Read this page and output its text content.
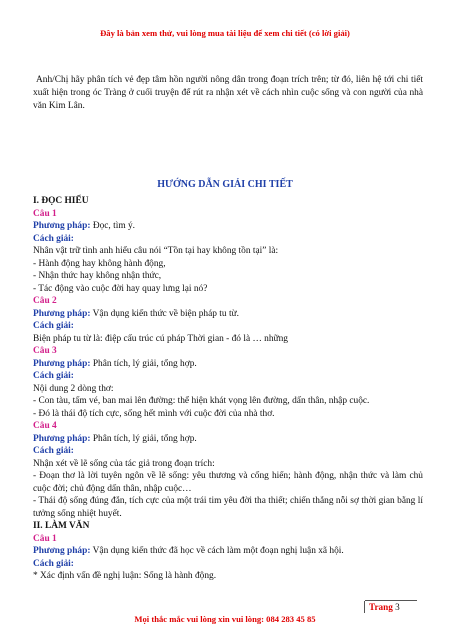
Đây là bản xem thử, vui lòng mua tài liệu để xem chi tiết (có lời giải)

Anh/Chị hãy phân tích vẻ đẹp tâm hồn người nông dân trong đoạn trích trên; từ đó, liên hệ tới chi tiết xuất hiện trong óc Tràng ở cuối truyện để rút ra nhận xét về cách nhìn cuộc sống và con người của nhà văn Kim Lân.

HƯỚNG DẪN GIẢI CHI TIẾT
I. ĐỌC HIỂU
Câu 1
Phương pháp: Đọc, tìm ý.
Cách giải:
Nhân vật trữ tình anh hiểu câu nói “Tồn tại hay không tồn tại” là:
- Hành động hay không hành động,
- Nhận thức hay không nhận thức,
- Tác động vào cuộc đời hay quay lưng lại nó?
Câu 2
Phương pháp: Vận dụng kiến thức về biện pháp tu từ.
Cách giải:
Biện pháp tu từ là: điệp cấu trúc cú pháp Thời gian - đó là … những
Câu 3
Phương pháp: Phân tích, lý giải, tổng hợp.
Cách giải:
Nội dung 2 dòng thơ:
- Con tàu, tấm vé, ban mai lên đường: thể hiện khát vọng lên đường, dấn thân, nhập cuộc.
- Đó là thái độ tích cực, sống hết mình với cuộc đời của nhà thơ.
Câu 4
Phương pháp: Phân tích, lý giải, tổng hợp.
Cách giải:
Nhận xét về lẽ sống của tác giả trong đoạn trích:
- Đoạn thơ là lời tuyên ngôn về lẽ sống: yêu thương và cống hiến; hành động, nhận thức và làm chủ cuộc đời; chủ động dấn thân, nhập cuộc…
- Thái độ sống đúng đắn, tích cực của một trái tim yêu đời tha thiết; chiến thắng nỗi sợ thời gian bằng lí tưởng sống nhiệt huyết.
II. LÀM VĂN
Câu 1
Phương pháp: Vận dụng kiến thức đã học về cách làm một đoạn nghị luận xã hội.
Cách giải:
* Xác định vấn đề nghị luận: Sống là hành động.
Trang 3
Mọi thắc mắc vui lòng xin vui lòng: 084 283 45 85
